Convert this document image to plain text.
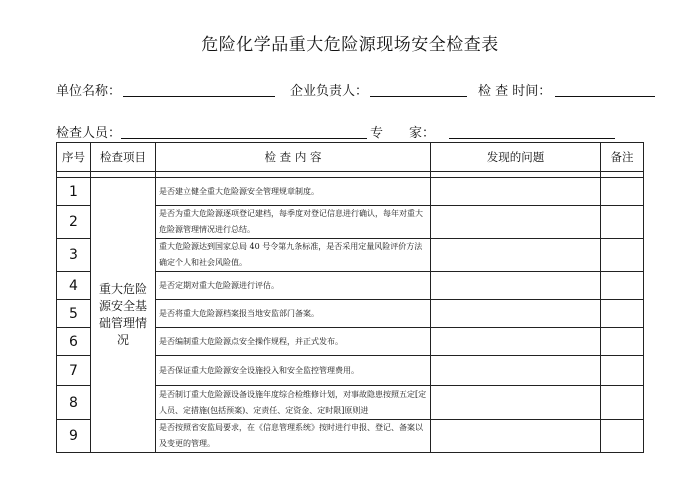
危险化学品重大危险源现场安全检查表
单位名称：	企业负责人：	检 查 时间：
检查人员：	专　　家：
序号	检查项目	检 查 内 容	发现的问题	备注

1	重大危险源安全基础管理情况	是否建立健全重大危险源安全管理规章制度。		
2		是否为重大危险源逐项登记建档，每季度对登记信息进行确认，每年对重大危险源管理情况进行总结。		
3		重大危险源达到国家总局 40 号令第九条标准，是否采用定量风险评价方法确定个人和社会风险值。		
4		是否定期对重大危险源进行评估。		
5		是否将重大危险源档案报当地安监部门备案。		
6		是否编制重大危险源点安全操作规程，并正式发布。		
7		是否保证重大危险源安全设施投入和安全监控管理费用。		
8		是否制订重大危险源设备设施年度综合检维修计划，对事故隐患按照五定[定人员、定措施(包括预案)、定责任、定资金、定时限]原则进		
9		是否按照省安监局要求，在《信息管理系统》按时进行申报、登记、备案以及变更的管理。		
